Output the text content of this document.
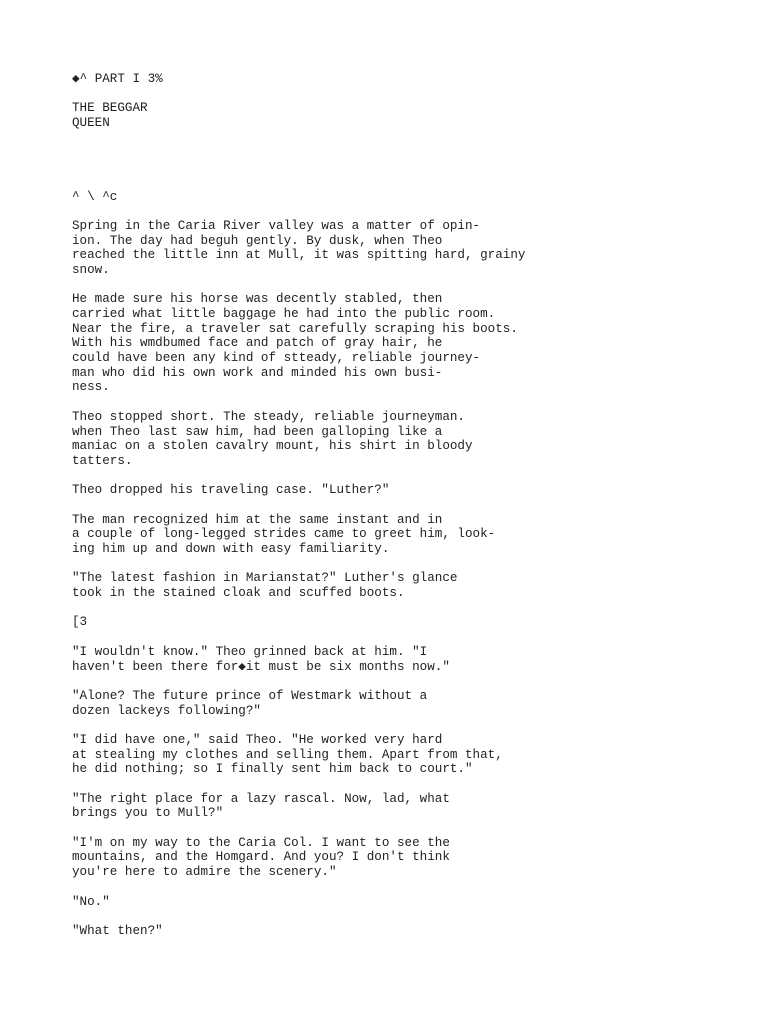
◆^ PART I 3%
THE BEGGAR
QUEEN
^ \ ^c
Spring in the Caria River valley was a matter of opin-
ion. The day had beguh gently. By dusk, when Theo
reached the little inn at Mull, it was spitting hard, grainy
snow.
He made sure his horse was decently stabled, then
carried what little baggage he had into the public room.
Near the fire, a traveler sat carefully scraping his boots.
With his wmdbumed face and patch of gray hair, he
could have been any kind of stteady, reliable journey-
man who did his own work and minded his own busi-
ness.
Theo stopped short. The steady, reliable journeyman.
when Theo last saw him, had been galloping like a
maniac on a stolen cavalry mount, his shirt in bloody
tatters.
Theo dropped his traveling case. "Luther?"
The man recognized him at the same instant and in
a couple of long-legged strides came to greet him, look-
ing him up and down with easy familiarity.
"The latest fashion in Marianstat?" Luther's glance
took in the stained cloak and scuffed boots.
[3
"I wouldn't know." Theo grinned back at him. "I
haven't been there for◆it must be six months now."
"Alone? The future prince of Westmark without a
dozen lackeys following?"
"I did have one," said Theo. "He worked very hard
at stealing my clothes and selling them. Apart from that,
he did nothing; so I finally sent him back to court."
"The right place for a lazy rascal. Now, lad, what
brings you to Mull?"
"I'm on my way to the Caria Col. I want to see the
mountains, and the Homgard. And you? I don't think
you're here to admire the scenery."
"No."
"What then?"
